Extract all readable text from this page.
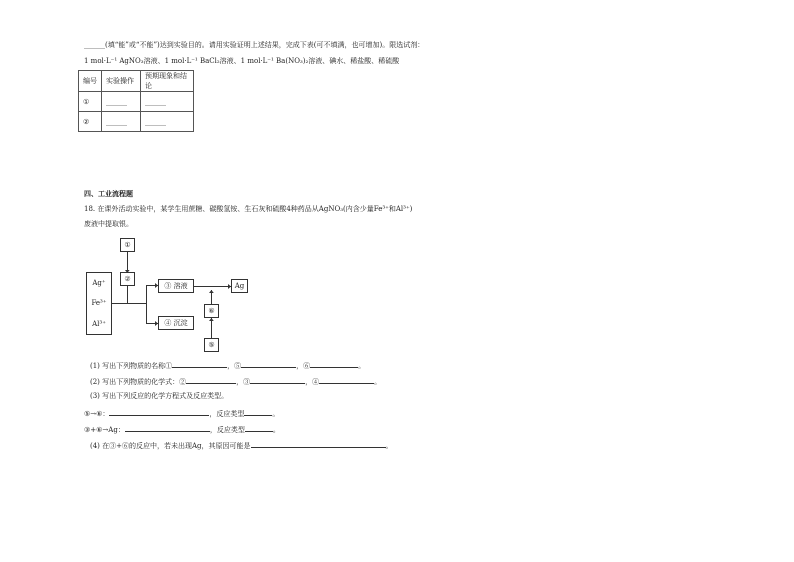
______(填“能”或“不能”)达到实验目的。请用实验证明上述结果，完成下表(可不填满，也可增加)。限选试剂：
1 mol·L⁻¹ AgNO₃溶液、1 mol·L⁻¹ BaCl₂溶液、1 mol·L⁻¹ Ba(NO₃)₂溶液、碘水、稀盐酸、稀硫酸
编号	实验操作	预期现象和结论
①	______	______
②	______	______
四、工业流程题
18. 在课外活动实验中，某学生用蔗糖、碳酸氢铵、生石灰和硫酸4种药品从AgNO₃(内含少量Fe³⁺和Al³⁺)
废液中提取银。
①
②
Ag⁺
Fe³⁺
Al³⁺
③ 溶液
④ 沉淀
Ag
⑥
⑤
(1) 写出下列物质的名称①	，⑤	，⑥	。
(2) 写出下列物质的化学式：②	，③	，④	。
(3) 写出下列反应的化学方程式及反应类型。
⑤→⑥：	，反应类型	。
③+⑥→Ag：	，反应类型	。
(4) 在③+⑥的反应中，若未出现Ag，其原因可能是	。
